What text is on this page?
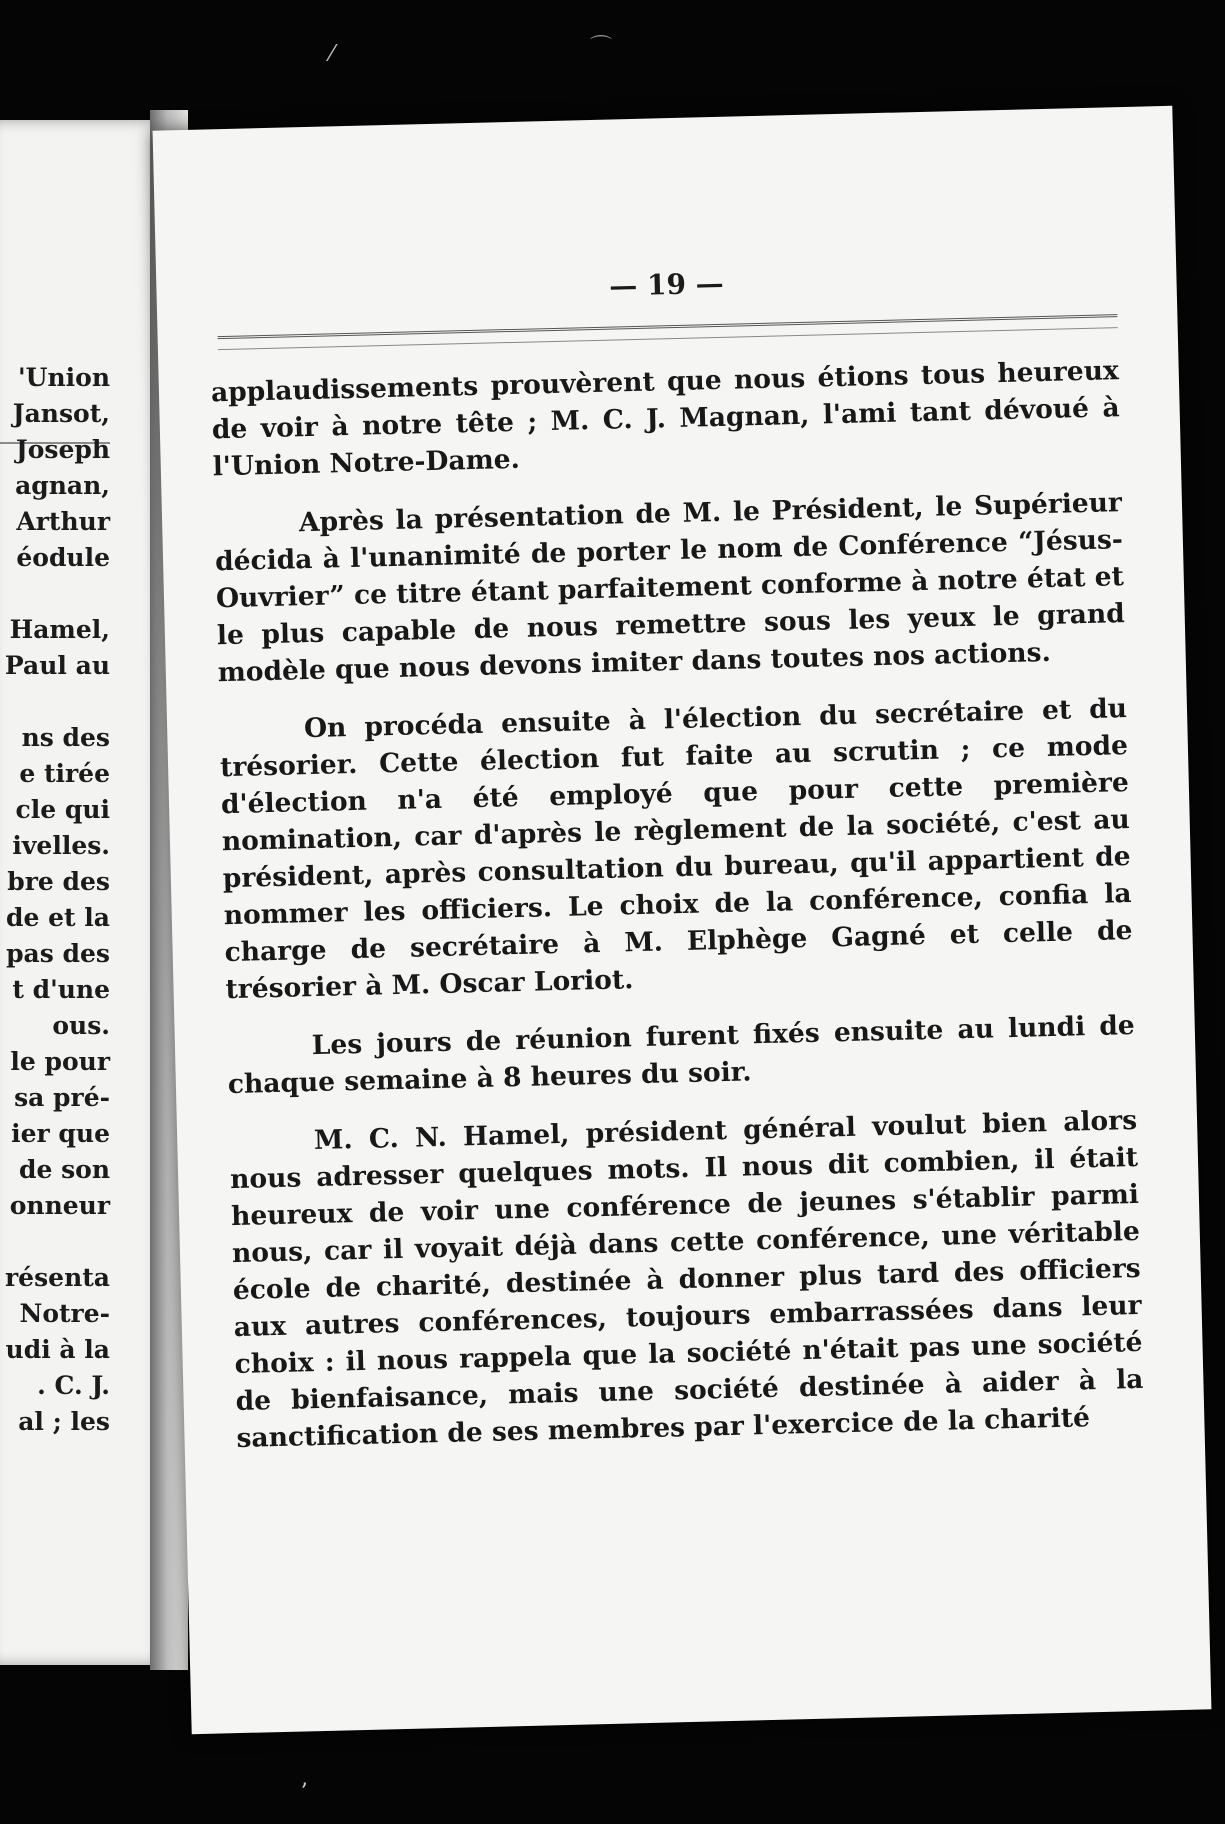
⁄	⌒
ʼ
'Union
Jansot,
Joseph
agnan,
Arthur
éodule

Hamel,
Paul au

ns des
e tirée
cle qui
ivelles.
bre des
de et la
pas des
t d'une
ous.
le pour
sa pré-
ier que
de son
onneur

résenta
Notre-
udi à la
. C. J.
al ; les
— 19 —

applaudissements prouvèrent que nous étions tous heureux de voir à notre tête ; M. C. J. Magnan, l'ami tant dévoué à l'Union Notre-Dame.

Après la présentation de M. le Président, le Supérieur décida à l'unanimité de porter le nom de Conférence “Jésus-Ouvrier” ce titre étant parfaitement conforme à notre état et le plus capable de nous remettre sous les yeux le grand modèle que nous devons imiter dans toutes nos actions.

On procéda ensuite à l'élection du secrétaire et du trésorier. Cette élection fut faite au scrutin ; ce mode d'élection n'a été employé que pour cette première nomination, car d'après le règlement de la société, c'est au président, après consultation du bureau, qu'il appartient de nommer les officiers. Le choix de la conférence, confia la charge de secrétaire à M. Elphège Gagné et celle de trésorier à M. Oscar Loriot.

Les jours de réunion furent fixés ensuite au lundi de chaque semaine à 8 heures du soir.

M. C. N. Hamel, président général voulut bien alors nous adresser quelques mots. Il nous dit combien, il était heureux de voir une conférence de jeunes s'établir parmi nous, car il voyait déjà dans cette conférence, une véritable école de charité, destinée à donner plus tard des officiers aux autres conférences, toujours embarrassées dans leur choix : il nous rappela que la société n'était pas une société de bienfaisance, mais une société destinée à aider à la sanctification de ses membres par l'exercice de la charité
